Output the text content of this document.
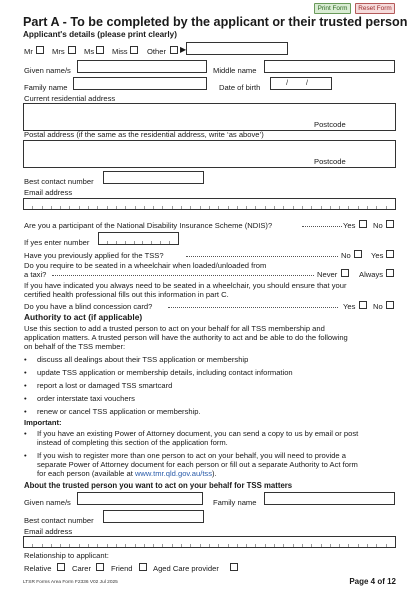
Print Form	Reset Form
Part A - To be completed by the applicant or their trusted person
Applicant's details (please print clearly)
Mr	Mrs	Ms Miss	Other ▶
Given name/s	Middle name
Family name	Date of birth	/ /
Current residential address
Postcode
Postal address (if the same as the residential address, write ‘as above’)
Postcode
Best contact number
Email address
Are you a participant of the National Disability Insurance Scheme (NDIS)?	Yes No
If yes enter number
Have you previously applied for the TSS?	No	Yes
Do you require to be seated in a wheelchair when loaded/unloaded from
a taxi?	Never	Always
If you have indicated you always need to be seated in a wheelchair, you should ensure that your
certified health professional fills out this information in part C.
Do you have a blind concession card?	Yes No
Authority to act (if applicable)
Use this section to add a trusted person to act on your behalf for all TSS membership and
application matters. A trusted person will have the authority to act and be able to do the following
on behalf of the TSS member:
• discuss all dealings about their TSS application or membership
• update TSS application or membership details, including contact information
• report a lost or damaged TSS smartcard
• order interstate taxi vouchers
• renew or cancel TSS application or membership.
Important:
• If you have an existing Power of Attorney document, you can send a copy to us by email or post
instead of completing this section of the application form.
• If you wish to register more than one person to act on your behalf, you will need to provide a
separate Power of Attorney document for each person or fill out a separate Authority to Act form
for each person (available at www.tmr.qld.gov.au/tss).
About the trusted person you want to act on your behalf for TSS matters
Given name/s	Family name
Best contact number
Email address
Relationship to applicant:
Relative	Carer	Friend	Aged Care provider
LTSR Forms Area Form F2336 V02 Jul 2025	Page 4 of 12
